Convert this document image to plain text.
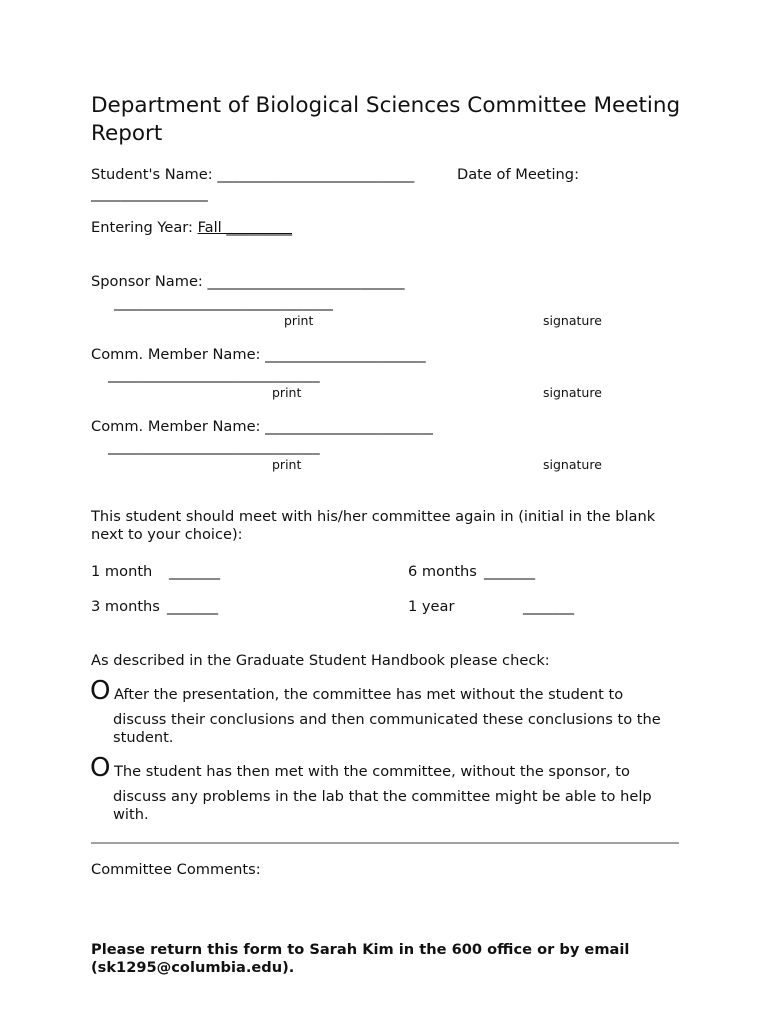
Department of Biological Sciences Committee Meeting Report
Student's Name: ___________________________	Date of Meeting:
________________
Entering Year: Fall _________
Sponsor Name: ___________________________
______________________________
print	signature
Comm. Member Name: ______________________
_____________________________
print	signature
Comm. Member Name: _______________________
_____________________________
print	signature
This student should meet with his/her committee again in (initial in the blank next to your choice):
1 month _______	6 months _______
3 months _______	1 year	_______
As described in the Graduate Student Handbook please check:
O After the presentation, the committee has met without the student to
discuss their conclusions and then communicated these conclusions to the student.
O The student has then met with the committee, without the sponsor, to
discuss any problems in the lab that the committee might be able to help with.
Committee Comments:
Please return this form to Sarah Kim in the 600 office or by email (sk1295@columbia.edu).
